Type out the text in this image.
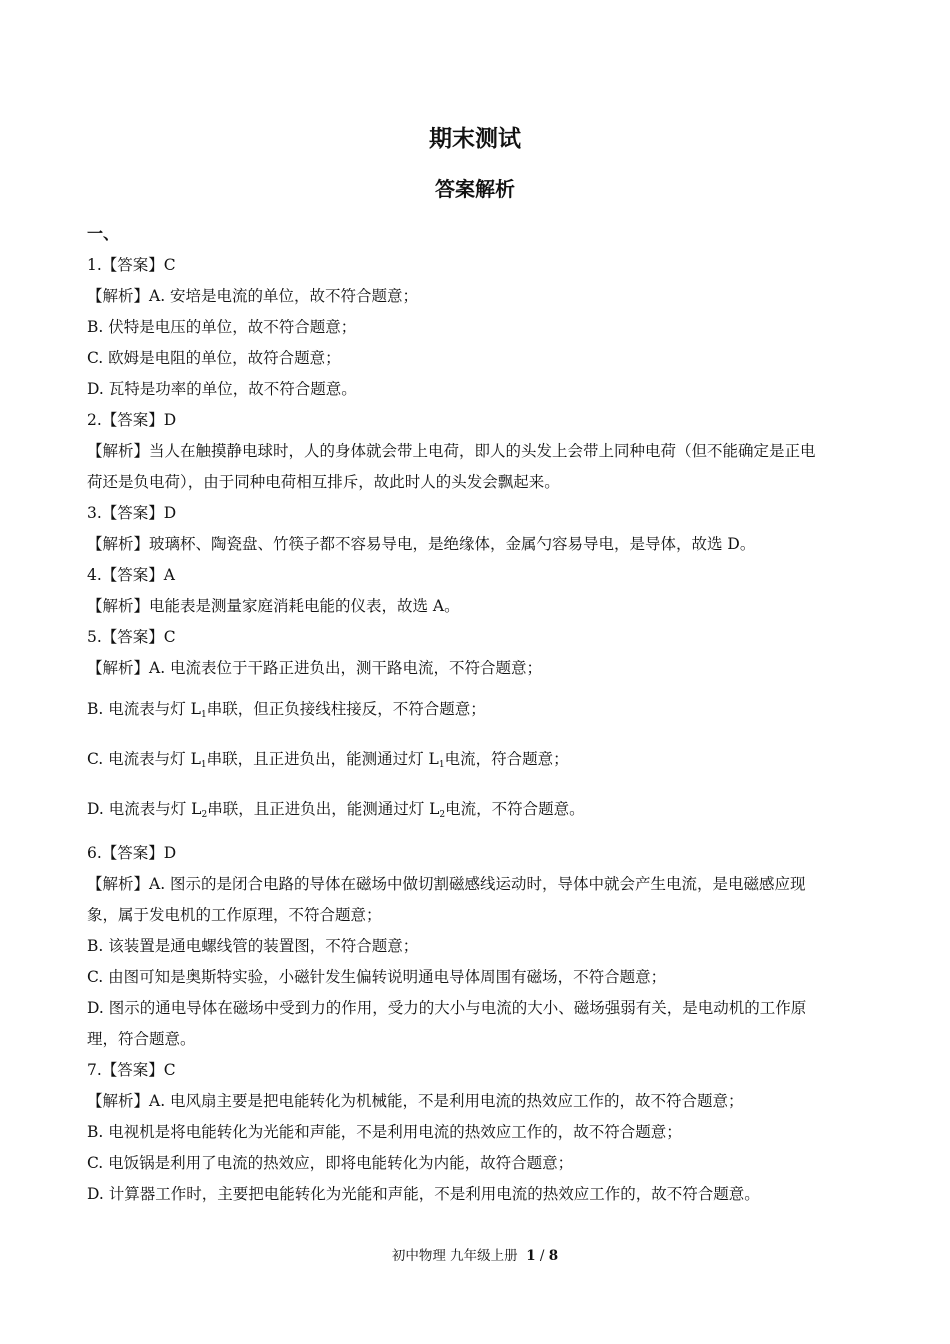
期末测试
答案解析
一、

1.【答案】C

【解析】A. 安培是电流的单位，故不符合题意；

B. 伏特是电压的单位，故不符合题意；

C. 欧姆是电阻的单位，故符合题意；

D. 瓦特是功率的单位，故不符合题意。

2.【答案】D

【解析】当人在触摸静电球时，人的身体就会带上电荷，即人的头发上会带上同种电荷（但不能确定是正电

荷还是负电荷），由于同种电荷相互排斥，故此时人的头发会飘起来。

3.【答案】D

【解析】玻璃杯、陶瓷盘、竹筷子都不容易导电，是绝缘体，金属勺容易导电，是导体，故选 D。

4.【答案】A

【解析】电能表是测量家庭消耗电能的仪表，故选 A。

5.【答案】C

【解析】A. 电流表位于干路正进负出，测干路电流，不符合题意；

B. 电流表与灯 $L_1$串联，但正负接线柱接反，不符合题意；

C. 电流表与灯 $L_1$串联，且正进负出，能测通过灯 $L_1$电流，符合题意；

D. 电流表与灯 $L_2$串联，且正进负出，能测通过灯 $L_2$电流，不符合题意。

6.【答案】D

【解析】A. 图示的是闭合电路的导体在磁场中做切割磁感线运动时，导体中就会产生电流，是电磁感应现

象，属于发电机的工作原理，不符合题意；

B. 该装置是通电螺线管的装置图，不符合题意；

C. 由图可知是奥斯特实验，小磁针发生偏转说明通电导体周围有磁场，不符合题意；

D. 图示的通电导体在磁场中受到力的作用，受力的大小与电流的大小、磁场强弱有关，是电动机的工作原

理，符合题意。

7.【答案】C

【解析】A. 电风扇主要是把电能转化为机械能，不是利用电流的热效应工作的，故不符合题意；

B. 电视机是将电能转化为光能和声能，不是利用电流的热效应工作的，故不符合题意；

C. 电饭锅是利用了电流的热效应，即将电能转化为内能，故符合题意；

D. 计算器工作时，主要把电能转化为光能和声能，不是利用电流的热效应工作的，故不符合题意。

初中物理 九年级上册 1 / 8
